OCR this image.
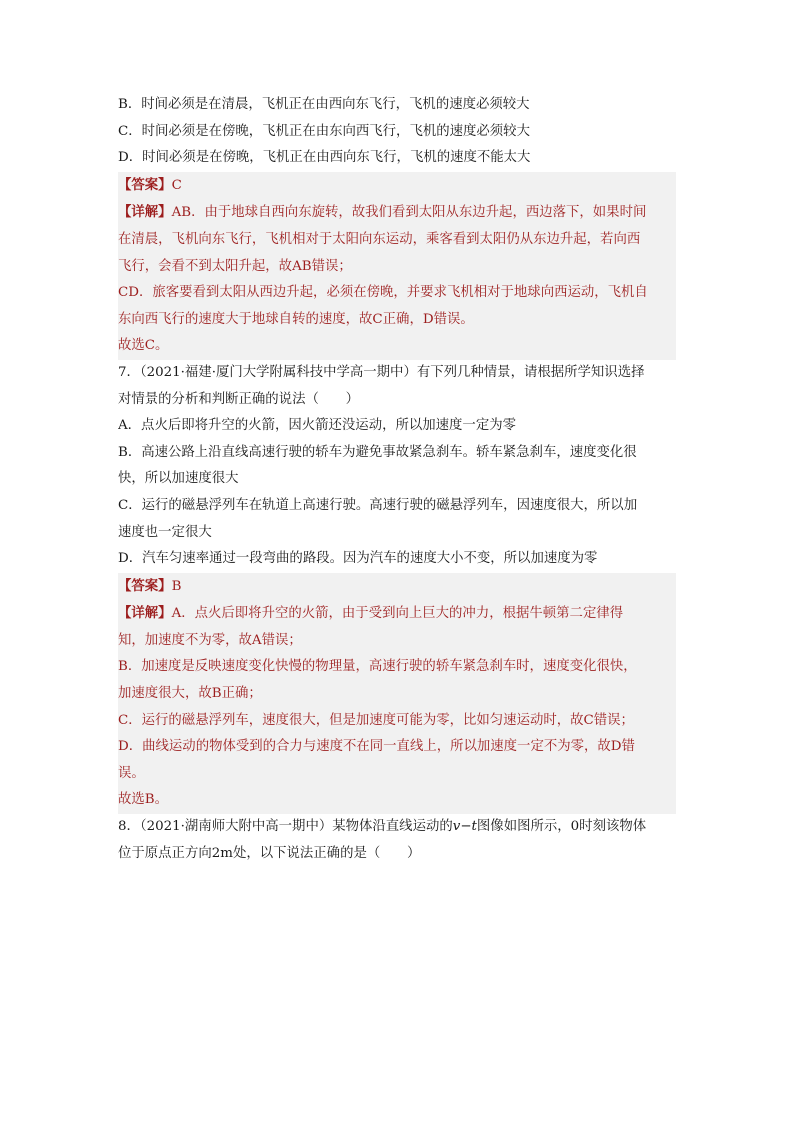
B．时间必须是在清晨，飞机正在由西向东飞行，飞机的速度必须较大

C．时间必须是在傍晚，飞机正在由东向西飞行，飞机的速度必须较大

D．时间必须是在傍晚，飞机正在由西向东飞行，飞机的速度不能太大

【答案】C

【详解】AB．由于地球自西向东旋转，故我们看到太阳从东边升起，西边落下，如果时间

在清晨，飞机向东飞行，飞机相对于太阳向东运动，乘客看到太阳仍从东边升起，若向西

飞行，会看不到太阳升起，故AB错误；

CD．旅客要看到太阳从西边升起，必须在傍晚，并要求飞机相对于地球向西运动，飞机自

东向西飞行的速度大于地球自转的速度，故C正确，D错误。

故选C。

7．（2021·福建·厦门大学附属科技中学高一期中）有下列几种情景，请根据所学知识选择

对情景的分析和判断正确的说法（　　）

A．点火后即将升空的火箭，因火箭还没运动，所以加速度一定为零

B．高速公路上沿直线高速行驶的轿车为避免事故紧急刹车。轿车紧急刹车，速度变化很

快，所以加速度很大

C．运行的磁悬浮列车在轨道上高速行驶。高速行驶的磁悬浮列车，因速度很大，所以加

速度也一定很大

D．汽车匀速率通过一段弯曲的路段。因为汽车的速度大小不变，所以加速度为零

【答案】B

【详解】A．点火后即将升空的火箭，由于受到向上巨大的冲力，根据牛顿第二定律得

知，加速度不为零，故A错误；

B．加速度是反映速度变化快慢的物理量，高速行驶的轿车紧急刹车时，速度变化很快，

加速度很大，故B正确；

C．运行的磁悬浮列车，速度很大，但是加速度可能为零，比如匀速运动时，故C错误；

D．曲线运动的物体受到的合力与速度不在同一直线上，所以加速度一定不为零，故D错

误。

故选B。

8．（2021·湖南师大附中高一期中）某物体沿直线运动的v−t图像如图所示，0时刻该物体

位于原点正方向2m处，以下说法正确的是（　　）
